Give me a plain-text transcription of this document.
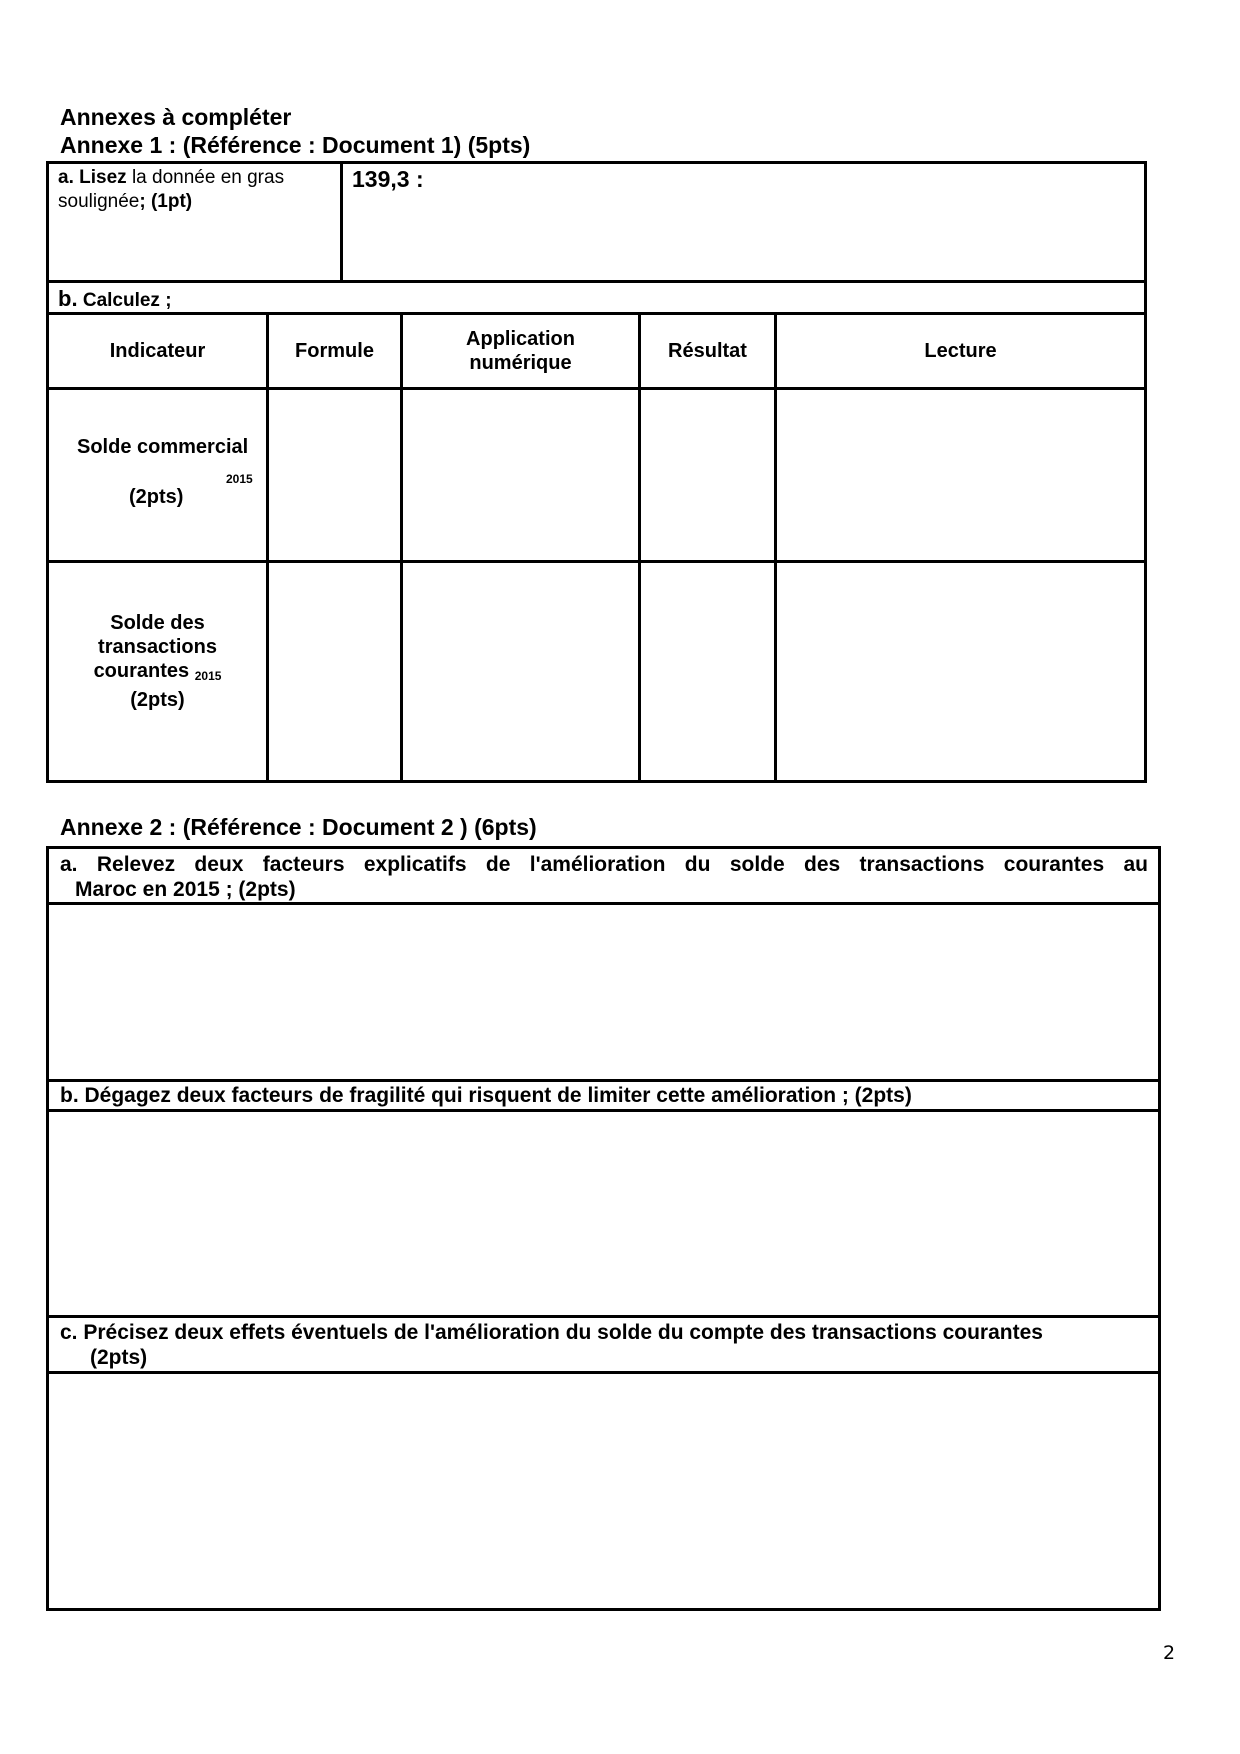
Annexes à compléter
Annexe 1 : (Référence : Document 1) (5pts)
a. Lisez la donnée en gras
soulignée; (1pt)
139,3 :
b. Calculez ;
Indicateur	Formule
Application
numérique
Résultat	Lecture
Solde commercial
2015
(2pts)
Solde des
transactions
courantes 2015
(2pts)
Annexe 2 : (Référence : Document 2 ) (6pts)
a. Relevez deux facteurs explicatifs de l'amélioration du solde des transactions courantes au
Maroc en 2015 ; (2pts)
b. Dégagez deux facteurs de fragilité qui risquent de limiter cette amélioration ; (2pts)
c. Précisez deux effets éventuels de l'amélioration du solde du compte des transactions courantes
(2pts)
2
